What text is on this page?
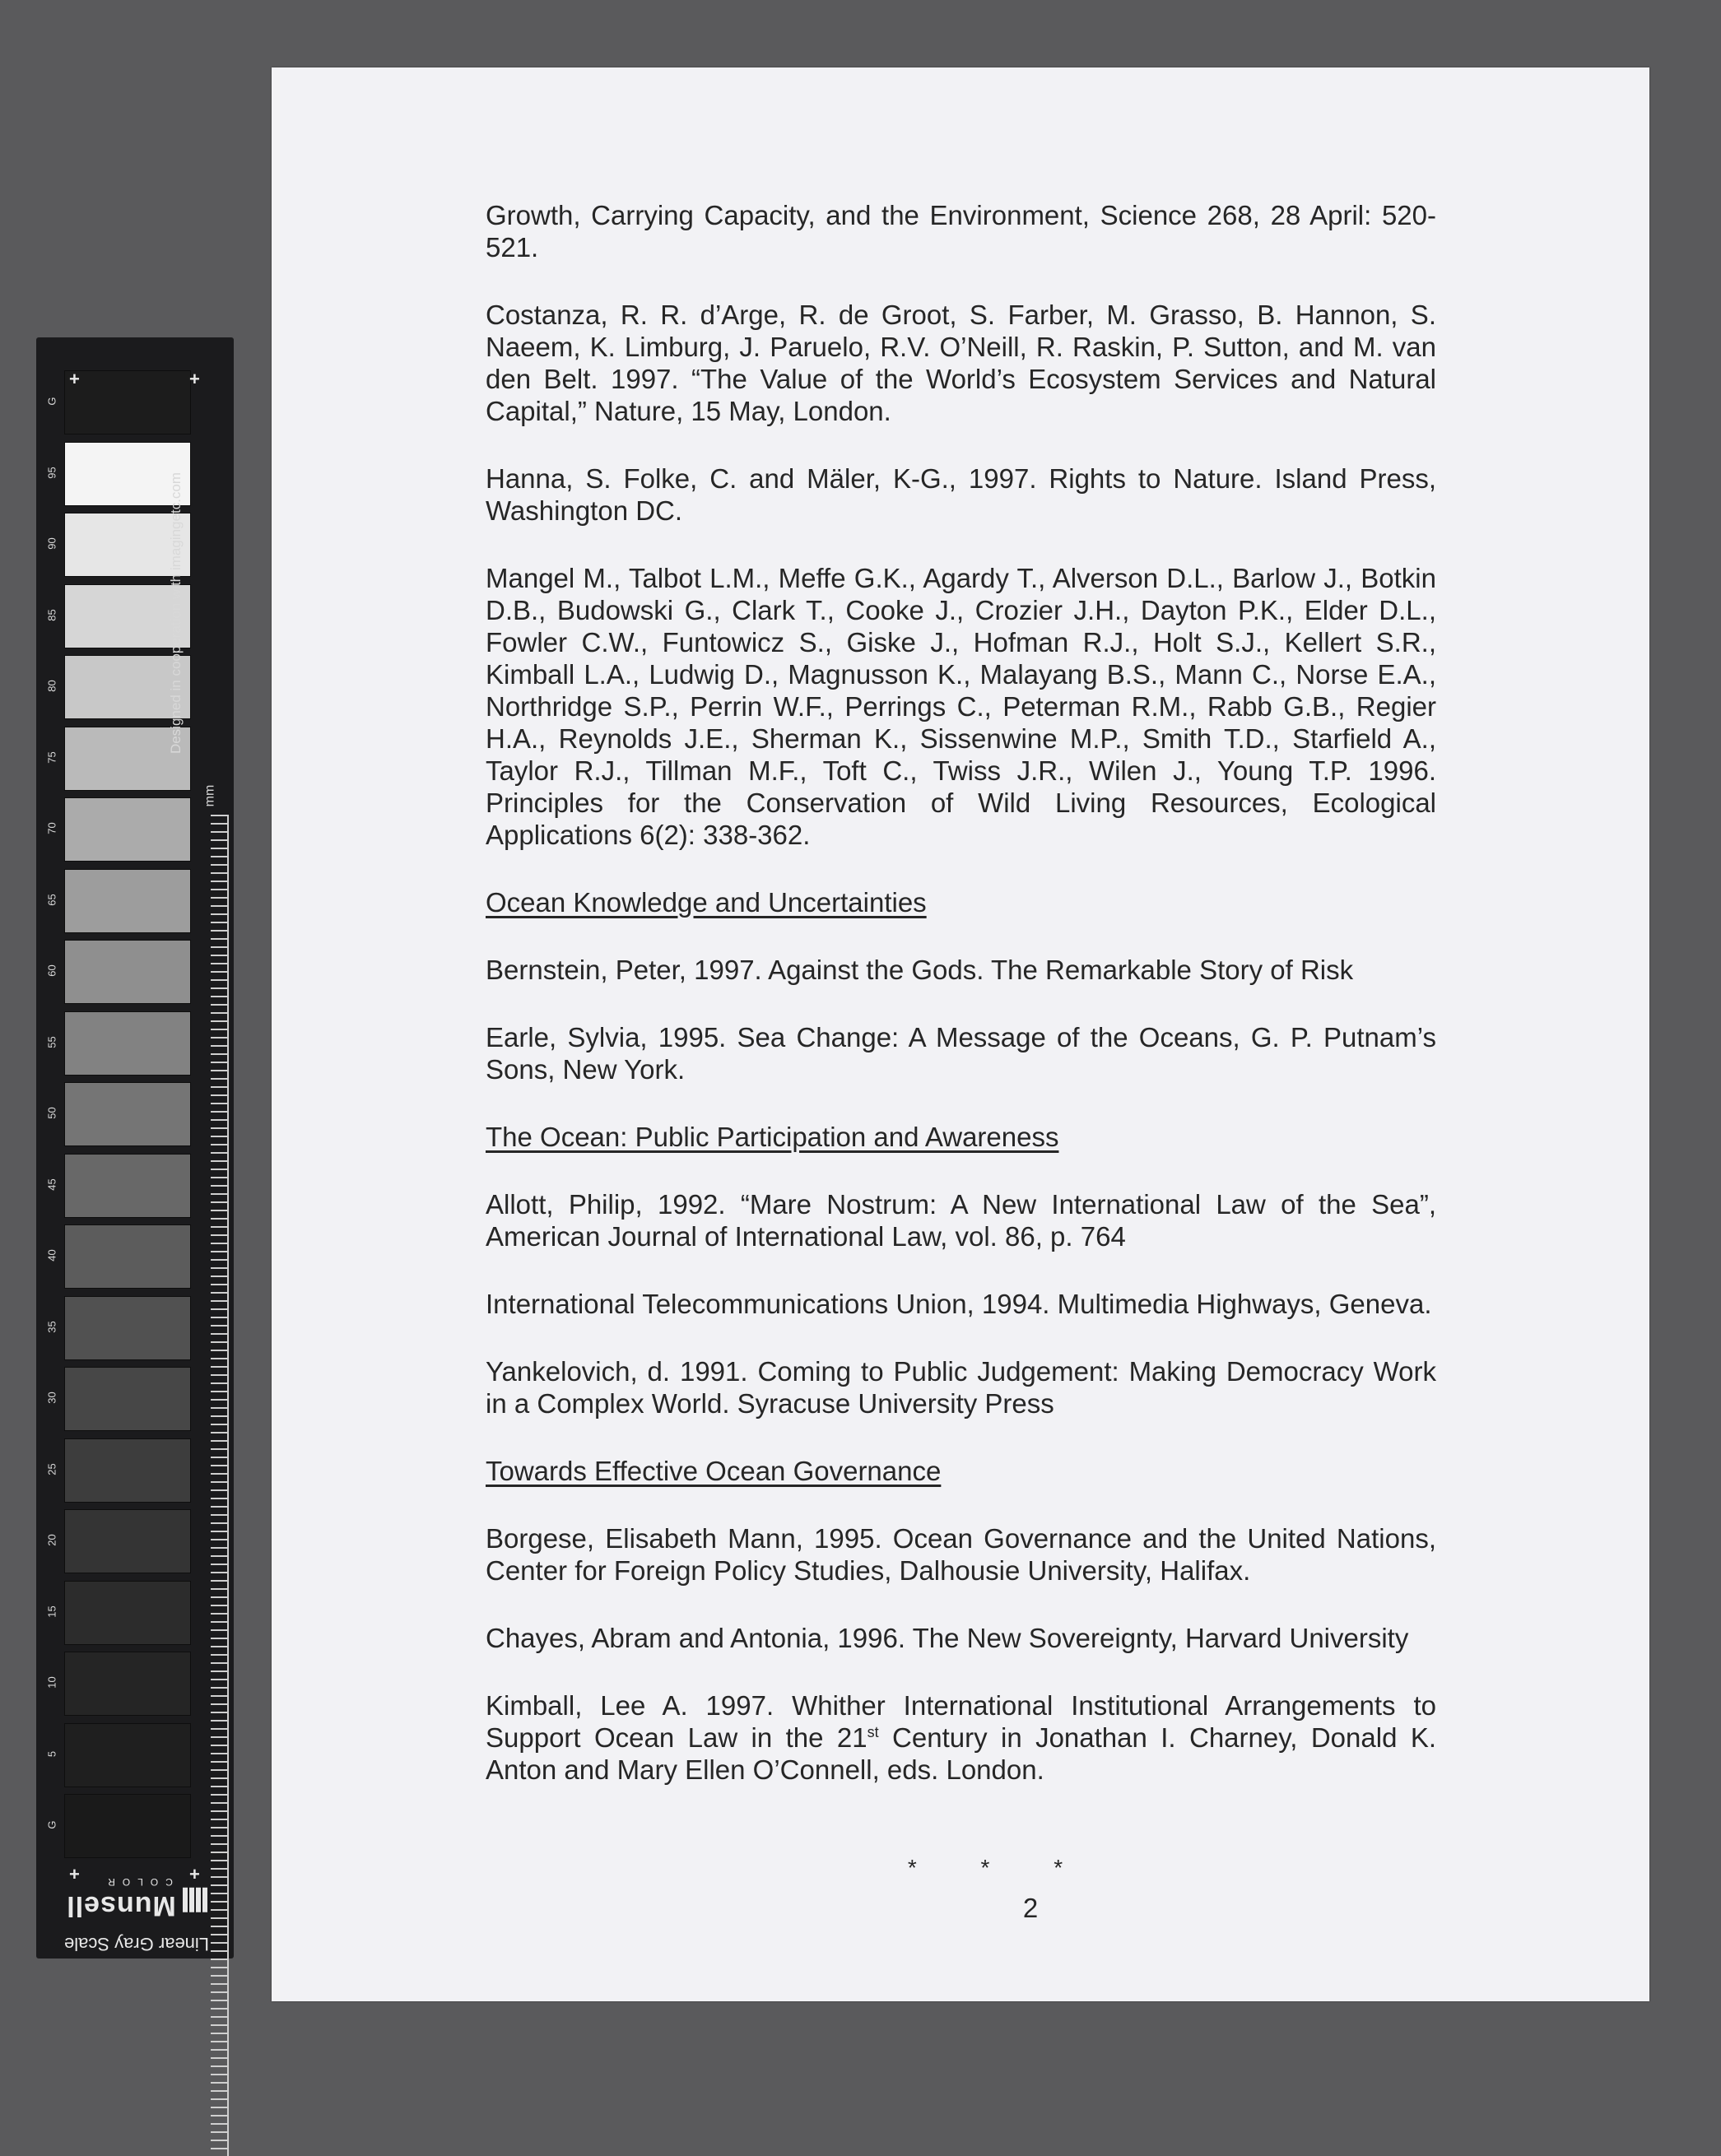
G
95
90
85
80
75
70
65
60
55
50
45
40
35
30
25
20
15
10
5
G
+	+
+	+
Designed in cooperation with imagingetc.com
mm
Linear Gray Scale
Munsell
COLOR

Growth, Carrying Capacity, and the Environment, Science 268, 28 April: 520-521.

Costanza, R. R. d’Arge, R. de Groot, S. Farber, M. Grasso, B. Hannon, S. Naeem, K. Limburg, J. Paruelo, R.V. O’Neill, R. Raskin, P. Sutton, and M. van den Belt. 1997. “The Value of the World’s Ecosystem Services and Natural Capital,” Nature, 15 May, London.

Hanna, S. Folke, C. and Mäler, K-G., 1997. Rights to Nature. Island Press, Washington DC.

Mangel M., Talbot L.M., Meffe G.K., Agardy T., Alverson D.L., Barlow J., Botkin D.B., Budowski G., Clark T., Cooke J., Crozier J.H., Dayton P.K., Elder D.L., Fowler C.W., Funtowicz S., Giske J., Hofman R.J., Holt S.J., Kellert S.R., Kimball L.A., Ludwig D., Magnusson K., Malayang B.S., Mann C., Norse E.A., Northridge S.P., Perrin W.F., Perrings C., Peterman R.M., Rabb G.B., Regier H.A., Reynolds J.E., Sherman K., Sissenwine M.P., Smith T.D., Starfield A., Taylor R.J., Tillman M.F., Toft C., Twiss J.R., Wilen J., Young T.P. 1996. Principles for the Conservation of Wild Living Resources, Ecological Applications 6(2): 338-362.

Ocean Knowledge and Uncertainties

Bernstein, Peter, 1997. Against the Gods. The Remarkable Story of Risk

Earle, Sylvia, 1995. Sea Change: A Message of the Oceans, G. P. Putnam’s Sons, New York.

The Ocean: Public Participation and Awareness

Allott, Philip, 1992. “Mare Nostrum: A New International Law of the Sea”, American Journal of International Law, vol. 86, p. 764

International Telecommunications Union, 1994. Multimedia Highways, Geneva.

Yankelovich, d. 1991. Coming to Public Judgement: Making Democracy Work in a Complex World. Syracuse University Press

Towards Effective Ocean Governance

Borgese, Elisabeth Mann, 1995. Ocean Governance and the United Nations, Center for Foreign Policy Studies, Dalhousie University, Halifax.

Chayes, Abram and Antonia, 1996. The New Sovereignty, Harvard University

Kimball, Lee A. 1997. Whither International Institutional Arrangements to Support Ocean Law in the 21st Century in Jonathan I. Charney, Donald K. Anton and Mary Ellen O’Connell, eds. London.

* * *
2
